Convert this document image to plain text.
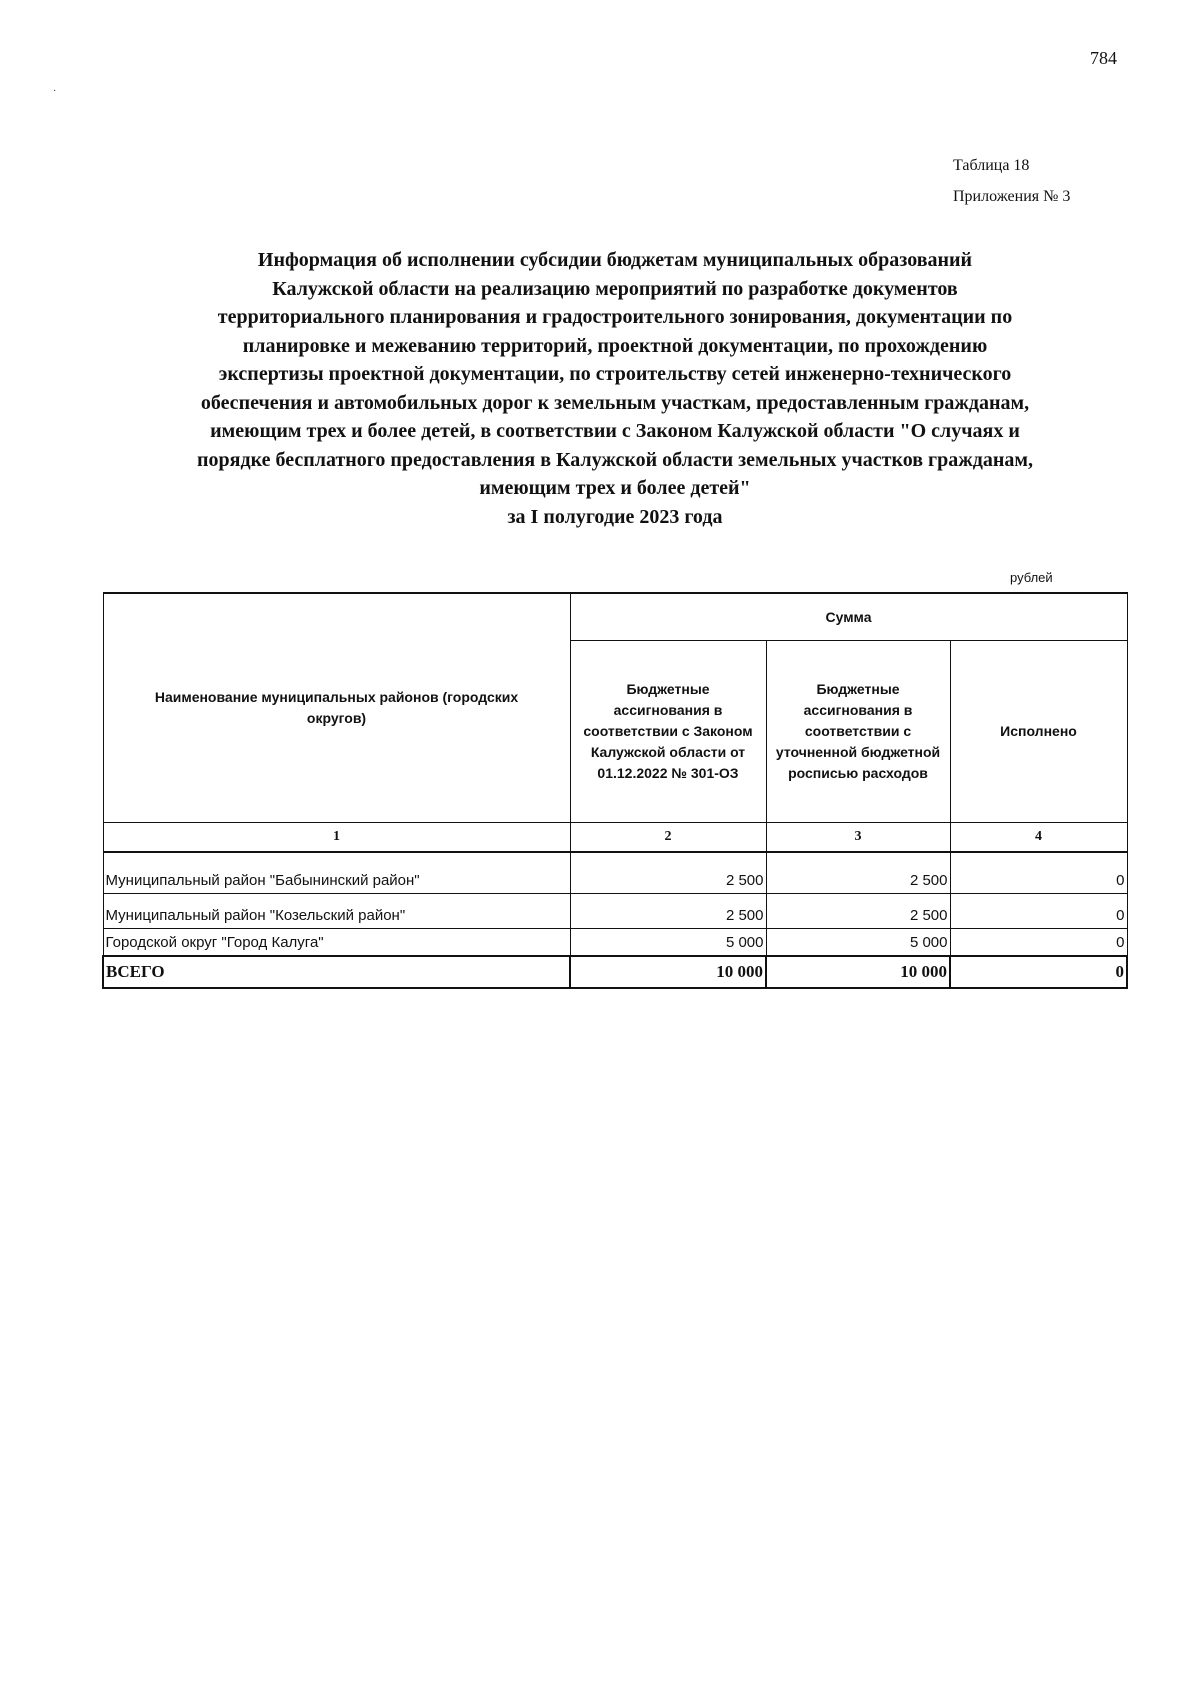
784
·
Таблица 18
Приложения № 3
Информация об исполнении субсидии бюджетам муниципальных образований
Калужской области на реализацию мероприятий по разработке документов
территориального планирования и градостроительного зонирования, документации по
планировке и межеванию территорий, проектной документации, по прохождению
экспертизы проектной документации, по строительству сетей инженерно-технического
обеспечения и автомобильных дорог к земельным участкам, предоставленным гражданам,
имеющим трех и более детей, в соответствии с Законом Калужской области "О случаях и
порядке бесплатного предоставления в Калужской области земельных участков гражданам,
имеющим трех и более детей"
за I полугодие 2023 года
рублей
Наименование муниципальных районов (городских округов)	Сумма		
	Бюджетные ассигнования в соответствии с Законом Калужской области от 01.12.2022 № 301-ОЗ	Бюджетные ассигнования в соответствии с уточненной бюджетной росписью расходов	Исполнено
1	2	3	4

Муниципальный район "Бабынинский район"	2 500	2 500	0

Муниципальный район "Козельский район"	2 500	2 500	0
Городской округ "Город Калуга"	5 000	5 000	0
ВСЕГО	10 000	10 000	0
